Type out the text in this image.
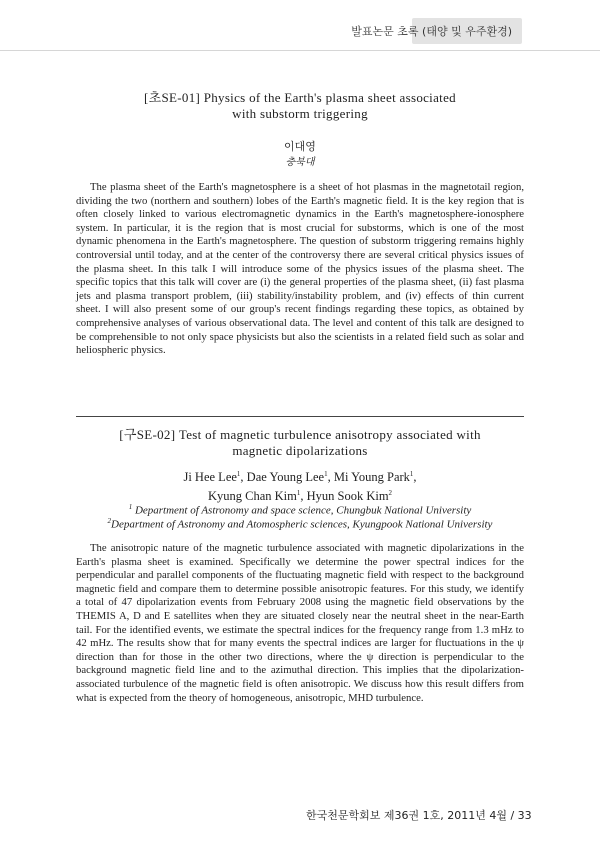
발표논문 초록 (태양 및 우주환경)
[초SE-01] Physics of the Earth's plasma sheet associated
with substorm triggering
이대영
충북대
The plasma sheet of the Earth's magnetosphere is a sheet of hot plasmas in the magnetotail region, dividing the two (northern and southern) lobes of the Earth's magnetic field. It is the key region that is often closely linked to various electromagnetic dynamics in the Earth's magnetosphere-ionosphere system. In particular, it is the region that is most crucial for substorms, which is one of the most dynamic phenomena in the Earth's magnetosphere. The question of substorm triggering remains highly controversial until today, and at the center of the controversy there are several critical physics issues of the plasma sheet. In this talk I will introduce some of the physics issues of the plasma sheet. The specific topics that this talk will cover are (i) the general properties of the plasma sheet, (ii) fast plasma jets and plasma transport problem, (iii) stability/instability problem, and (iv) effects of thin current sheet. I will also present some of our group's recent findings regarding these topics, as obtained by comprehensive analyses of various observational data. The level and content of this talk are designed to be comprehensible to not only space physicists but also the scientists in a related field such as solar and heliospheric physics.
[구SE-02] Test of magnetic turbulence anisotropy associated with
magnetic dipolarizations
Ji Hee Lee$^1$, Dae Young Lee$^1$, Mi Young Park$^1$,
Kyung Chan Kim$^1$, Hyun Sook Kim$^2$
$^1$ Department of Astronomy and space science, Chungbuk National University
$^2$Department of Astronomy and Atomospheric sciences, Kyungpook National University
The anisotropic nature of the magnetic turbulence associated with magnetic dipolarizations in the Earth's plasma sheet is examined. Specifically we determine the power spectral indices for the perpendicular and parallel components of the fluctuating magnetic field with respect to the background magnetic field and compare them to determine possible anisotropic features. For this study, we identify a total of 47 dipolarization events from February 2008 using the magnetic field observations by the THEMIS A, D and E satellites when they are situated closely near the neutral sheet in the near-Earth tail. For the identified events, we estimate the spectral indices for the frequency range from 1.3 mHz to 42 mHz. The results show that for many events the spectral indices are larger for fluctuations in the ψ direction than for those in the other two directions, where the ψ direction is perpendicular to the background magnetic field line and to the azimuthal direction. This implies that the dipolarization-associated turbulence of the magnetic field is often anisotropic. We discuss how this result differs from what is expected from the theory of homogeneous, anisotropic, MHD turbulence.
한국천문학회보 제36권 1호, 2011년 4월 / 33
